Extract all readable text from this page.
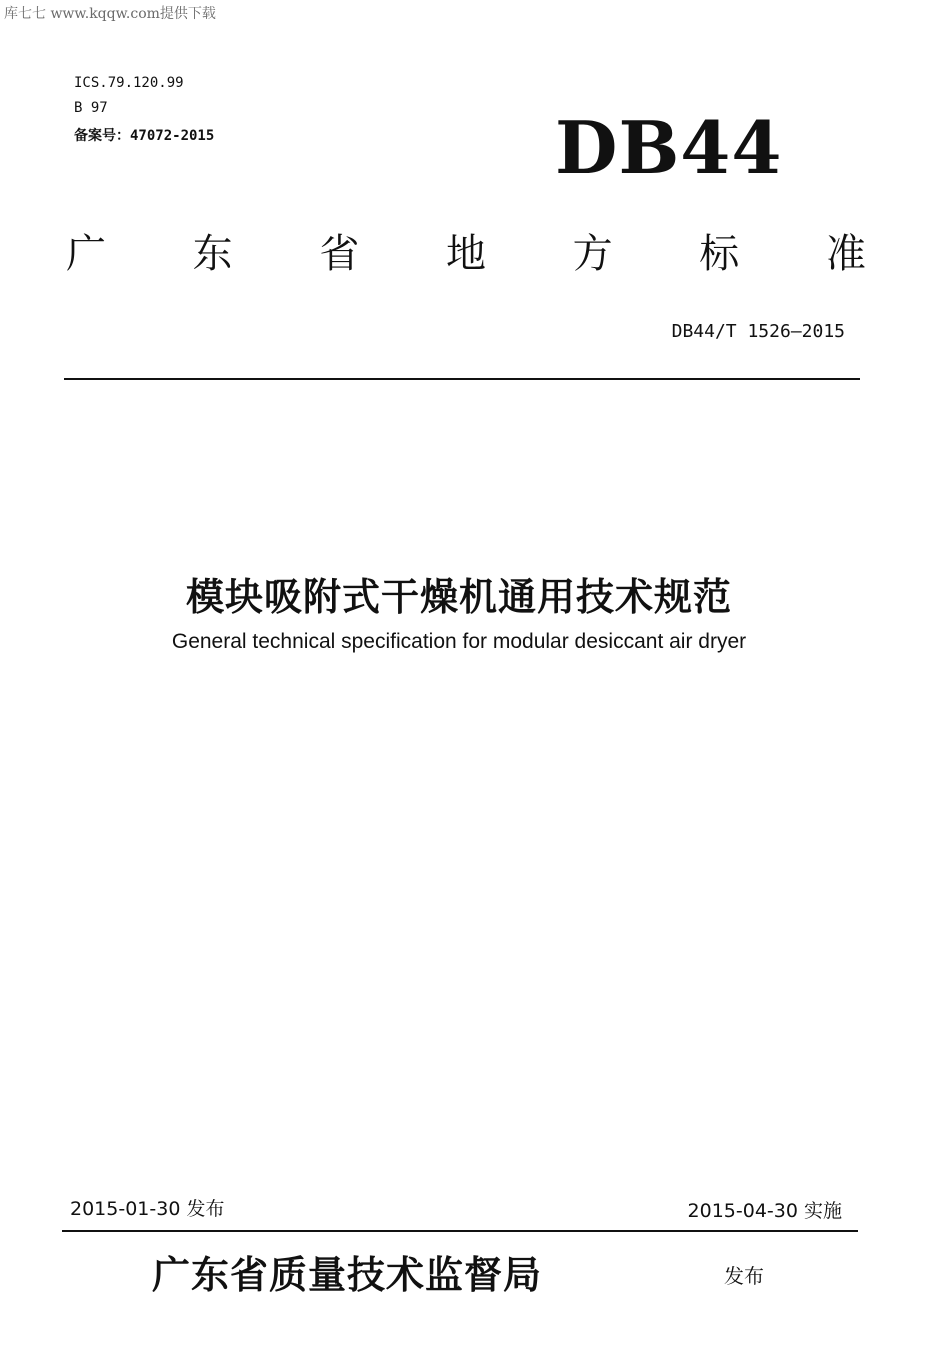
库七七 www.kqqw.com提供下载
ICS.79.120.99
B 97
备案号：47072-2015	DB44
广 东 省 地 方 标 准
DB44/T 1526—2015
模块吸附式干燥机通用技术规范
General technical specification for modular desiccant air dryer
2015-01-30 发布	2015-04-30 实施
广东省质量技术监督局	发布
